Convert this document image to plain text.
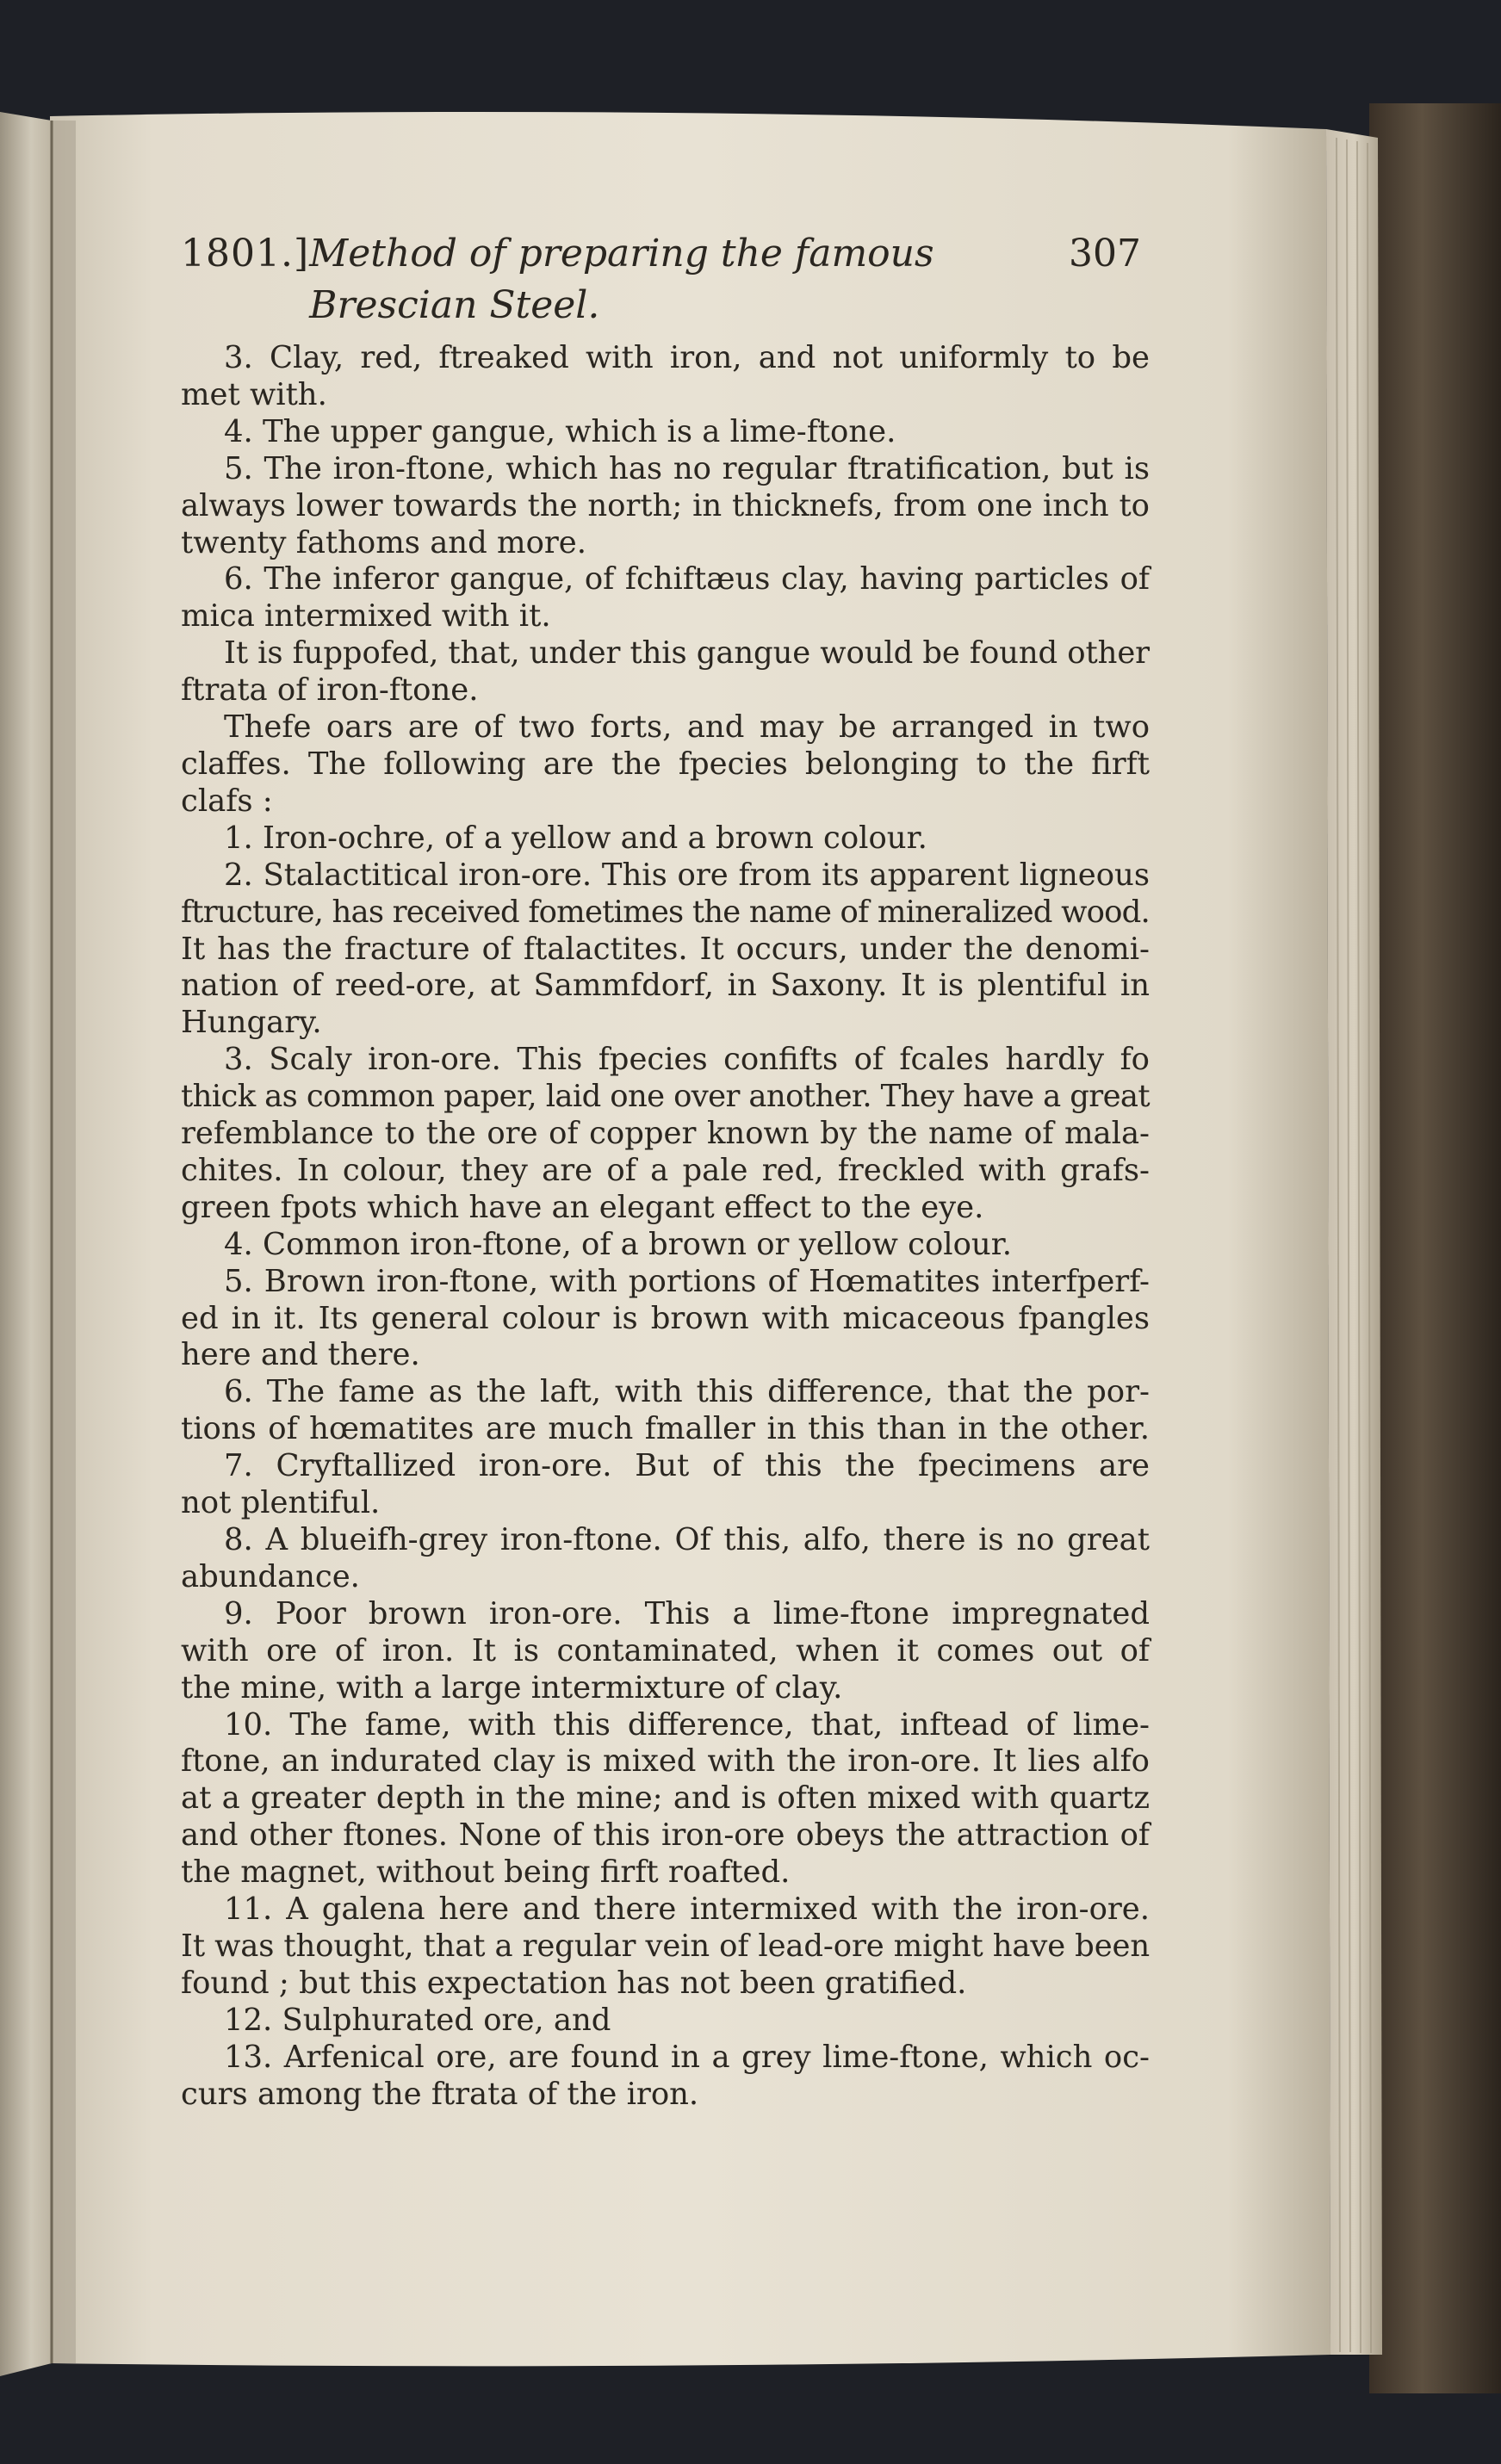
1801.] Method of preparing the famous Brescian Steel.
307
3. Clay, red, ftreaked with iron, and not uniformly to be
met with.
4. The upper gangue, which is a lime-ftone.
5. The iron-ftone, which has no regular ftratification, but is
always lower towards the north; in thicknefs, from one inch to
twenty fathoms and more.
6. The inferor gangue, of fchiftæus clay, having particles of
mica intermixed with it.
It is fuppofed, that, under this gangue would be found other
ftrata of iron-ftone.
Thefe oars are of two forts, and may be arranged in two
claffes. The following are the fpecies belonging to the firft
clafs :
1. Iron-ochre, of a yellow and a brown colour.
2. Stalactitical iron-ore. This ore from its apparent ligneous
ftructure, has received fometimes the name of mineralized wood.
It has the fracture of ftalactites. It occurs, under the denomi-
nation of reed-ore, at Sammfdorf, in Saxony. It is plentiful in
Hungary.
3. Scaly iron-ore. This fpecies confifts of fcales hardly fo
thick as common paper, laid one over another. They have a great
refemblance to the ore of copper known by the name of mala-
chites. In colour, they are of a pale red, freckled with grafs-
green fpots which have an elegant effect to the eye.
4. Common iron-ftone, of a brown or yellow colour.
5. Brown iron-ftone, with portions of Hœmatites interfperf-
ed in it. Its general colour is brown with micaceous fpangles
here and there.
6. The fame as the laft, with this difference, that the por-
tions of hœmatites are much fmaller in this than in the other.
7. Cryftallized iron-ore. But of this the fpecimens are
not plentiful.
8. A blueifh-grey iron-ftone. Of this, alfo, there is no great
abundance.
9. Poor brown iron-ore. This a lime-ftone impregnated
with ore of iron. It is contaminated, when it comes out of
the mine, with a large intermixture of clay.
10. The fame, with this difference, that, inftead of lime-
ftone, an indurated clay is mixed with the iron-ore. It lies alfo
at a greater depth in the mine; and is often mixed with quartz
and other ftones. None of this iron-ore obeys the attraction of
the magnet, without being firft roafted.
11. A galena here and there intermixed with the iron-ore.
It was thought, that a regular vein of lead-ore might have been
found ; but this expectation has not been gratified.
12. Sulphurated ore, and
13. Arfenical ore, are found in a grey lime-ftone, which oc-
curs among the ftrata of the iron.
